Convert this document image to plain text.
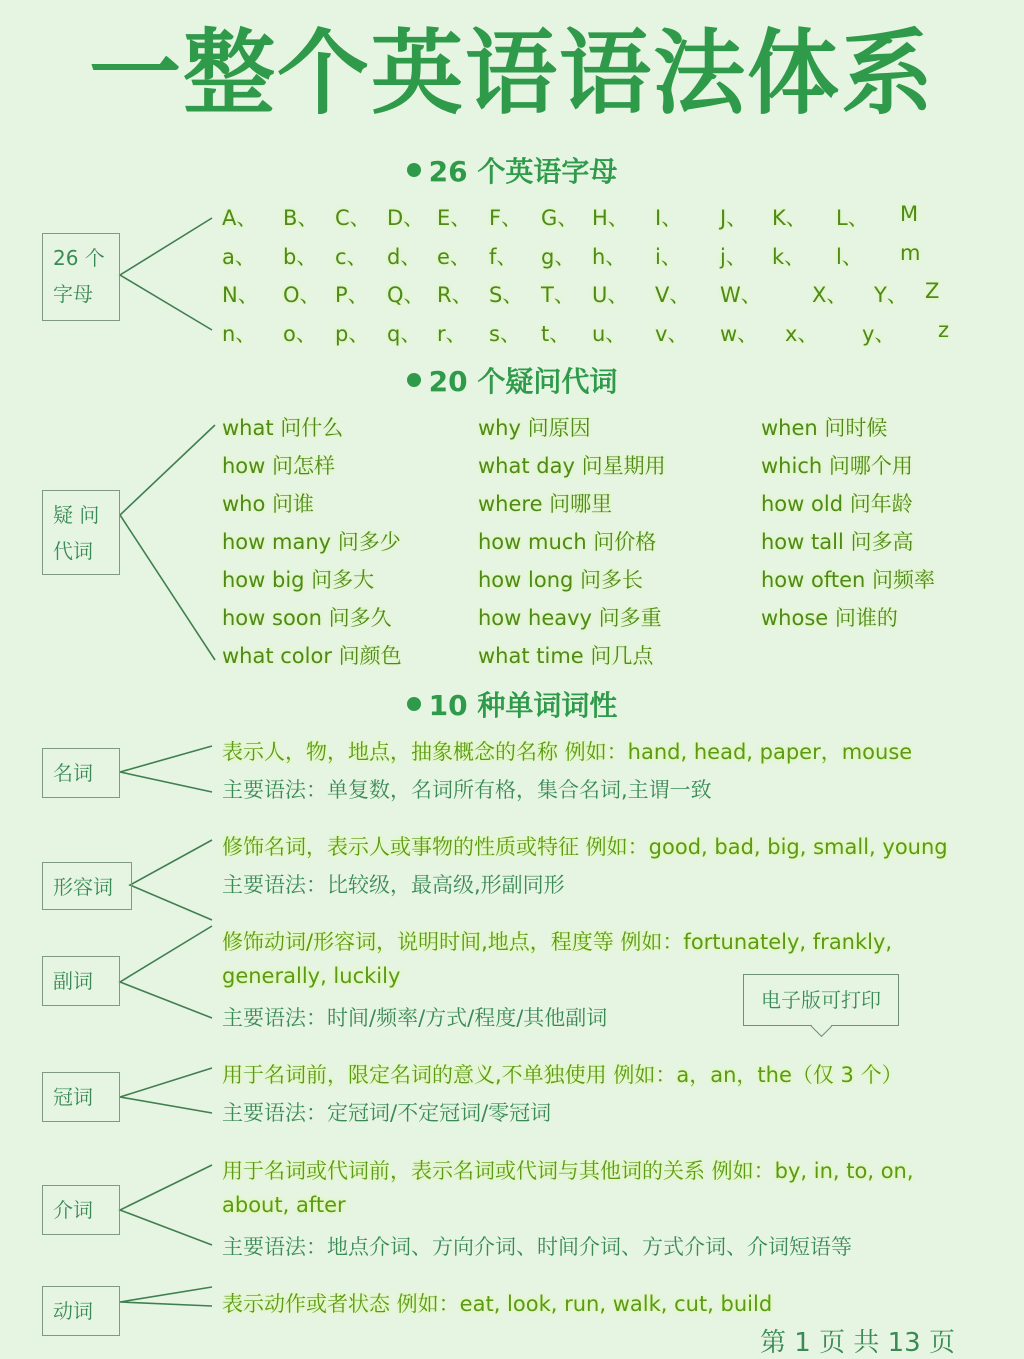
一整个英语语法体系
26 个英语字母
26 个
字母
A、 B、 C、 D、 E、 F、 G、 H、 I、 J、 K、 L、 M
a、 b、 c、 d、 e、 f、 g、 h、 i、 j、 k、 l、 m
N、 O、 P、 Q、 R、 S、 T、 U、 V、 W、 X、 Y、 Z
n、 o、 p、 q、 r、 s、 t、 u、 v、 w、 x、 y、 z
20 个疑问代词
疑 问
代词
what 问什么
how 问怎样
who 问谁
how many 问多少
how big 问多大
how soon 问多久
what color 问颜色
why 问原因
what day 问星期用
where 问哪里
how much 问价格
how long 问多长
how heavy 问多重
what time 问几点
when 问时候
which 问哪个用
how old 问年龄
how tall 问多高
how often 问频率
whose 问谁的
10 种单词词性
名词
表示人，物，地点，抽象概念的名称 例如：hand, head, paper，mouse
主要语法：单复数，名词所有格，集合名词,主谓一致
形容词
修饰名词，表示人或事物的性质或特征 例如：good, bad, big, small, young
主要语法：比较级，最高级,形副同形
副词
修饰动词/形容词，说明时间,地点，程度等 例如：fortunately, frankly,
generally, luckily
主要语法：时间/频率/方式/程度/其他副词
电子版可打印
冠词
用于名词前，限定名词的意义,不单独使用 例如：a，an，the（仅 3 个）
主要语法：定冠词/不定冠词/零冠词
介词
用于名词或代词前，表示名词或代词与其他词的关系 例如：by, in, to, on,
about, after
主要语法：地点介词、方向介词、时间介词、方式介词、介词短语等
动词	表示动作或者状态 例如：eat, look, run, walk, cut, build
第 1 页 共 13 页
